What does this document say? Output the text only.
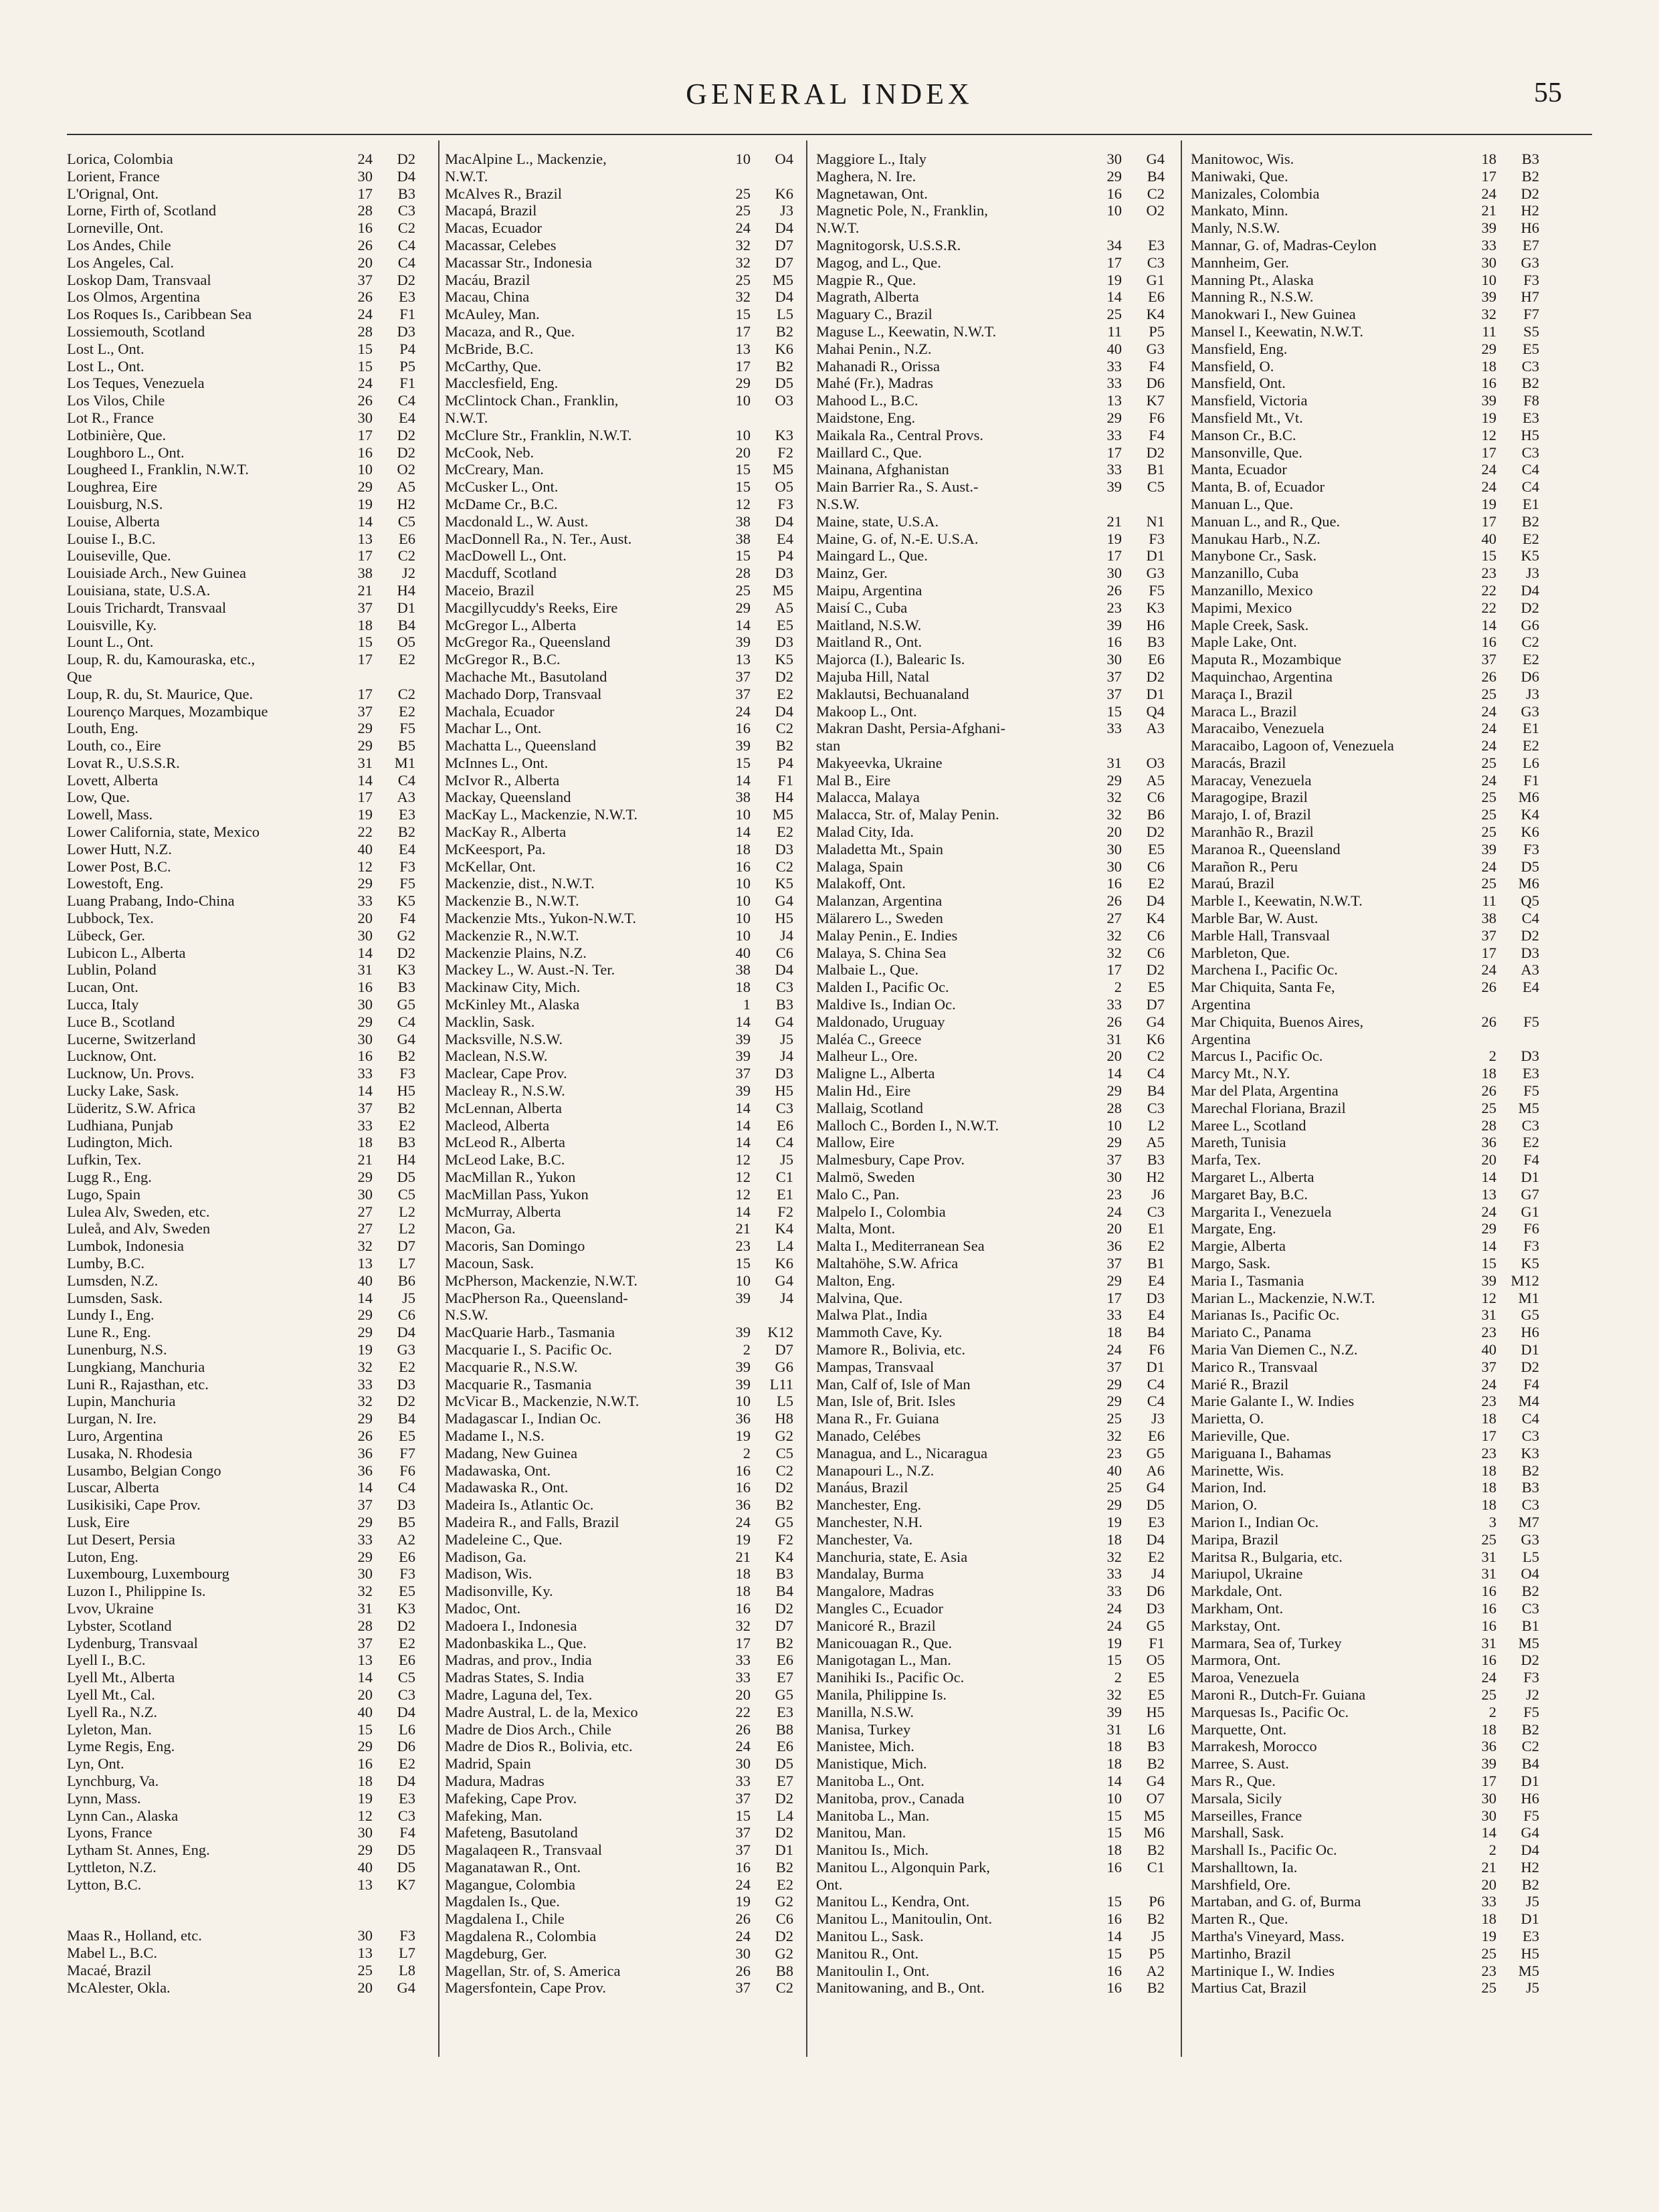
GENERAL INDEX	55
Lorica, Colombia	24	D2
Lorient, France	30	D4
L'Orignal, Ont.	17	B3
Lorne, Firth of, Scotland	28	C3
Lorneville, Ont.	16	C2
Los Andes, Chile	26	C4
Los Angeles, Cal.	20	C4
Loskop Dam, Transvaal	37	D2
Los Olmos, Argentina	26	E3
Los Roques Is., Caribbean Sea	24	F1
Lossiemouth, Scotland	28	D3
Lost L., Ont.	15	P4
Lost L., Ont.	15	P5
Los Teques, Venezuela	24	F1
Los Vilos, Chile	26	C4
Lot R., France	30	E4
Lotbinière, Que.	17	D2
Loughboro L., Ont.	16	D2
Lougheed I., Franklin, N.W.T.	10	O2
Loughrea, Eire	29	A5
Louisburg, N.S.	19	H2
Louise, Alberta	14	C5
Louise I., B.C.	13	E6
Louiseville, Que.	17	C2
Louisiade Arch., New Guinea	38	J2
Louisiana, state, U.S.A.	21	H4
Louis Trichardt, Transvaal	37	D1
Louisville, Ky.	18	B4
Lount L., Ont.	15	O5
Loup, R. du, Kamouraska, etc.,
Que
17	E2
Loup, R. du, St. Maurice, Que.	17	C2
Lourenço Marques, Mozambique	37	E2
Louth, Eng.	29	F5
Louth, co., Eire	29	B5
Lovat R., U.S.S.R.	31	M1
Lovett, Alberta	14	C4
Low, Que.	17	A3
Lowell, Mass.	19	E3
Lower California, state, Mexico	22	B2
Lower Hutt, N.Z.	40	E4
Lower Post, B.C.	12	F3
Lowestoft, Eng.	29	F5
Luang Prabang, Indo-China	33	K5
Lubbock, Tex.	20	F4
Lübeck, Ger.	30	G2
Lubicon L., Alberta	14	D2
Lublin, Poland	31	K3
Lucan, Ont.	16	B3
Lucca, Italy	30	G5
Luce B., Scotland	29	C4
Lucerne, Switzerland	30	G4
Lucknow, Ont.	16	B2
Lucknow, Un. Provs.	33	F3
Lucky Lake, Sask.	14	H5
Lüderitz, S.W. Africa	37	B2
Ludhiana, Punjab	33	E2
Ludington, Mich.	18	B3
Lufkin, Tex.	21	H4
Lugg R., Eng.	29	D5
Lugo, Spain	30	C5
Lulea Alv, Sweden, etc.	27	L2
Luleå, and Alv, Sweden	27	L2
Lumbok, Indonesia	32	D7
Lumby, B.C.	13	L7
Lumsden, N.Z.	40	B6
Lumsden, Sask.	14	J5
Lundy I., Eng.	29	C6
Lune R., Eng.	29	D4
Lunenburg, N.S.	19	G3
Lungkiang, Manchuria	32	E2
Luni R., Rajasthan, etc.	33	D3
Lupin, Manchuria	32	D2
Lurgan, N. Ire.	29	B4
Luro, Argentina	26	E5
Lusaka, N. Rhodesia	36	F7
Lusambo, Belgian Congo	36	F6
Luscar, Alberta	14	C4
Lusikisiki, Cape Prov.	37	D3
Lusk, Eire	29	B5
Lut Desert, Persia	33	A2
Luton, Eng.	29	E6
Luxembourg, Luxembourg	30	F3
Luzon I., Philippine Is.	32	E5
Lvov, Ukraine	31	K3
Lybster, Scotland	28	D2
Lydenburg, Transvaal	37	E2
Lyell I., B.C.	13	E6
Lyell Mt., Alberta	14	C5
Lyell Mt., Cal.	20	C3
Lyell Ra., N.Z.	40	D4
Lyleton, Man.	15	L6
Lyme Regis, Eng.	29	D6
Lyn, Ont.	16	E2
Lynchburg, Va.	18	D4
Lynn, Mass.	19	E3
Lynn Can., Alaska	12	C3
Lyons, France	30	F4
Lytham St. Annes, Eng.	29	D5
Lyttleton, N.Z.	40	D5
Lytton, B.C.	13	K7
Maas R., Holland, etc.	30	F3
Mabel L., B.C.	13	L7
Macaé, Brazil	25	L8
McAlester, Okla.	20	G4
MacAlpine L., Mackenzie,
N.W.T.
10	O4
McAlves R., Brazil	25	K6
Macapá, Brazil	25	J3
Macas, Ecuador	24	D4
Macassar, Celebes	32	D7
Macassar Str., Indonesia	32	D7
Macáu, Brazil	25	M5
Macau, China	32	D4
McAuley, Man.	15	L5
Macaza, and R., Que.	17	B2
McBride, B.C.	13	K6
McCarthy, Que.	17	B2
Macclesfield, Eng.	29	D5
McClintock Chan., Franklin,
N.W.T.
10	O3
McClure Str., Franklin, N.W.T.	10	K3
McCook, Neb.	20	F2
McCreary, Man.	15	M5
McCusker L., Ont.	15	O5
McDame Cr., B.C.	12	F3
Macdonald L., W. Aust.	38	D4
MacDonnell Ra., N. Ter., Aust.	38	E4
MacDowell L., Ont.	15	P4
Macduff, Scotland	28	D3
Maceio, Brazil	25	M5
Macgillycuddy's Reeks, Eire	29	A5
McGregor L., Alberta	14	E5
McGregor Ra., Queensland	39	D3
McGregor R., B.C.	13	K5
Machache Mt., Basutoland	37	D2
Machado Dorp, Transvaal	37	E2
Machala, Ecuador	24	D4
Machar L., Ont.	16	C2
Machatta L., Queensland	39	B2
McInnes L., Ont.	15	P4
McIvor R., Alberta	14	F1
Mackay, Queensland	38	H4
MacKay L., Mackenzie, N.W.T.	10	M5
MacKay R., Alberta	14	E2
McKeesport, Pa.	18	D3
McKellar, Ont.	16	C2
Mackenzie, dist., N.W.T.	10	K5
Mackenzie B., N.W.T.	10	G4
Mackenzie Mts., Yukon-N.W.T.	10	H5
Mackenzie R., N.W.T.	10	J4
Mackenzie Plains, N.Z.	40	C6
Mackey L., W. Aust.-N. Ter.	38	D4
Mackinaw City, Mich.	18	C3
McKinley Mt., Alaska	1	B3
Macklin, Sask.	14	G4
Macksville, N.S.W.	39	J5
Maclean, N.S.W.	39	J4
Maclear, Cape Prov.	37	D3
Macleay R., N.S.W.	39	H5
McLennan, Alberta	14	C3
Macleod, Alberta	14	E6
McLeod R., Alberta	14	C4
McLeod Lake, B.C.	12	J5
MacMillan R., Yukon	12	C1
MacMillan Pass, Yukon	12	E1
McMurray, Alberta	14	F2
Macon, Ga.	21	K4
Macoris, San Domingo	23	L4
Macoun, Sask.	15	K6
McPherson, Mackenzie, N.W.T.	10	G4
MacPherson Ra., Queensland-
N.S.W.
39	J4
MacQuarie Harb., Tasmania	39	K12
Macquarie I., S. Pacific Oc.	2	D7
Macquarie R., N.S.W.	39	G6
Macquarie R., Tasmania	39	L11
McVicar B., Mackenzie, N.W.T.	10	L5
Madagascar I., Indian Oc.	36	H8
Madame I., N.S.	19	G2
Madang, New Guinea	2	C5
Madawaska, Ont.	16	C2
Madawaska R., Ont.	16	D2
Madeira Is., Atlantic Oc.	36	B2
Madeira R., and Falls, Brazil	24	G5
Madeleine C., Que.	19	F2
Madison, Ga.	21	K4
Madison, Wis.	18	B3
Madisonville, Ky.	18	B4
Madoc, Ont.	16	D2
Madoera I., Indonesia	32	D7
Madonbaskika L., Que.	17	B2
Madras, and prov., India	33	E6
Madras States, S. India	33	E7
Madre, Laguna del, Tex.	20	G5
Madre Austral, L. de la, Mexico	22	E3
Madre de Dios Arch., Chile	26	B8
Madre de Dios R., Bolivia, etc.	24	E6
Madrid, Spain	30	D5
Madura, Madras	33	E7
Mafeking, Cape Prov.	37	D2
Mafeking, Man.	15	L4
Mafeteng, Basutoland	37	D2
Magalaqeen R., Transvaal	37	D1
Maganatawan R., Ont.	16	B2
Magangue, Colombia	24	E2
Magdalen Is., Que.	19	G2
Magdalena I., Chile	26	C6
Magdalena R., Colombia	24	D2
Magdeburg, Ger.	30	G2
Magellan, Str. of, S. America	26	B8
Magersfontein, Cape Prov.	37	C2
Maggiore L., Italy	30	G4
Maghera, N. Ire.	29	B4
Magnetawan, Ont.	16	C2
Magnetic Pole, N., Franklin,
N.W.T.
10	O2
Magnitogorsk, U.S.S.R.	34	E3
Magog, and L., Que.	17	C3
Magpie R., Que.	19	G1
Magrath, Alberta	14	E6
Maguary C., Brazil	25	K4
Maguse L., Keewatin, N.W.T.	11	P5
Mahai Penin., N.Z.	40	G3
Mahanadi R., Orissa	33	F4
Mahé (Fr.), Madras	33	D6
Mahood L., B.C.	13	K7
Maidstone, Eng.	29	F6
Maikala Ra., Central Provs.	33	F4
Maillard C., Que.	17	D2
Mainana, Afghanistan	33	B1
Main Barrier Ra., S. Aust.-
N.S.W.
39	C5
Maine, state, U.S.A.	21	N1
Maine, G. of, N.-E. U.S.A.	19	F3
Maingard L., Que.	17	D1
Mainz, Ger.	30	G3
Maipu, Argentina	26	F5
Maisí C., Cuba	23	K3
Maitland, N.S.W.	39	H6
Maitland R., Ont.	16	B3
Majorca (I.), Balearic Is.	30	E6
Majuba Hill, Natal	37	D2
Maklautsi, Bechuanaland	37	D1
Makoop L., Ont.	15	Q4
Makran Dasht, Persia-Afghani-
stan
33	A3
Makyeevka, Ukraine	31	O3
Mal B., Eire	29	A5
Malacca, Malaya	32	C6
Malacca, Str. of, Malay Penin.	32	B6
Malad City, Ida.	20	D2
Maladetta Mt., Spain	30	E5
Malaga, Spain	30	C6
Malakoff, Ont.	16	E2
Malanzan, Argentina	26	D4
Mälarero L., Sweden	27	K4
Malay Penin., E. Indies	32	C6
Malaya, S. China Sea	32	C6
Malbaie L., Que.	17	D2
Malden I., Pacific Oc.	2	E5
Maldive Is., Indian Oc.	33	D7
Maldonado, Uruguay	26	G4
Maléa C., Greece	31	K6
Malheur L., Ore.	20	C2
Maligne L., Alberta	14	C4
Malin Hd., Eire	29	B4
Mallaig, Scotland	28	C3
Malloch C., Borden I., N.W.T.	10	L2
Mallow, Eire	29	A5
Malmesbury, Cape Prov.	37	B3
Malmö, Sweden	30	H2
Malo C., Pan.	23	J6
Malpelo I., Colombia	24	C3
Malta, Mont.	20	E1
Malta I., Mediterranean Sea	36	E2
Maltahöhe, S.W. Africa	37	B1
Malton, Eng.	29	E4
Malvina, Que.	17	D3
Malwa Plat., India	33	E4
Mammoth Cave, Ky.	18	B4
Mamore R., Bolivia, etc.	24	F6
Mampas, Transvaal	37	D1
Man, Calf of, Isle of Man	29	C4
Man, Isle of, Brit. Isles	29	C4
Mana R., Fr. Guiana	25	J3
Manado, Celébes	32	E6
Managua, and L., Nicaragua	23	G5
Manapouri L., N.Z.	40	A6
Manáus, Brazil	25	G4
Manchester, Eng.	29	D5
Manchester, N.H.	19	E3
Manchester, Va.	18	D4
Manchuria, state, E. Asia	32	E2
Mandalay, Burma	33	J4
Mangalore, Madras	33	D6
Mangles C., Ecuador	24	D3
Manicoré R., Brazil	24	G5
Manicouagan R., Que.	19	F1
Manigotagan L., Man.	15	O5
Manihiki Is., Pacific Oc.	2	E5
Manila, Philippine Is.	32	E5
Manilla, N.S.W.	39	H5
Manisa, Turkey	31	L6
Manistee, Mich.	18	B3
Manistique, Mich.	18	B2
Manitoba L., Ont.	14	G4
Manitoba, prov., Canada	10	O7
Manitoba L., Man.	15	M5
Manitou, Man.	15	M6
Manitou Is., Mich.	18	B2
Manitou L., Algonquin Park,
Ont.
16	C1
Manitou L., Kendra, Ont.	15	P6
Manitou L., Manitoulin, Ont.	16	B2
Manitou L., Sask.	14	J5
Manitou R., Ont.	15	P5
Manitoulin I., Ont.	16	A2
Manitowaning, and B., Ont.	16	B2
Manitowoc, Wis.	18	B3
Maniwaki, Que.	17	B2
Manizales, Colombia	24	D2
Mankato, Minn.	21	H2
Manly, N.S.W.	39	H6
Mannar, G. of, Madras-Ceylon	33	E7
Mannheim, Ger.	30	G3
Manning Pt., Alaska	10	F3
Manning R., N.S.W.	39	H7
Manokwari I., New Guinea	32	F7
Mansel I., Keewatin, N.W.T.	11	S5
Mansfield, Eng.	29	E5
Mansfield, O.	18	C3
Mansfield, Ont.	16	B2
Mansfield, Victoria	39	F8
Mansfield Mt., Vt.	19	E3
Manson Cr., B.C.	12	H5
Mansonville, Que.	17	C3
Manta, Ecuador	24	C4
Manta, B. of, Ecuador	24	C4
Manuan L., Que.	19	E1
Manuan L., and R., Que.	17	B2
Manukau Harb., N.Z.	40	E2
Manybone Cr., Sask.	15	K5
Manzanillo, Cuba	23	J3
Manzanillo, Mexico	22	D4
Mapimi, Mexico	22	D2
Maple Creek, Sask.	14	G6
Maple Lake, Ont.	16	C2
Maputa R., Mozambique	37	E2
Maquinchao, Argentina	26	D6
Maraça I., Brazil	25	J3
Maraca L., Brazil	24	G3
Maracaibo, Venezuela	24	E1
Maracaibo, Lagoon of, Venezuela	24	E2
Maracás, Brazil	25	L6
Maracay, Venezuela	24	F1
Maragogipe, Brazil	25	M6
Marajo, I. of, Brazil	25	K4
Maranhão R., Brazil	25	K6
Maranoa R., Queensland	39	F3
Marañon R., Peru	24	D5
Maraú, Brazil	25	M6
Marble I., Keewatin, N.W.T.	11	Q5
Marble Bar, W. Aust.	38	C4
Marble Hall, Transvaal	37	D2
Marbleton, Que.	17	D3
Marchena I., Pacific Oc.	24	A3
Mar Chiquita, Santa Fe,
Argentina
26	E4
Mar Chiquita, Buenos Aires,
Argentina
26	F5
Marcus I., Pacific Oc.	2	D3
Marcy Mt., N.Y.	18	E3
Mar del Plata, Argentina	26	F5
Marechal Floriana, Brazil	25	M5
Maree L., Scotland	28	C3
Mareth, Tunisia	36	E2
Marfa, Tex.	20	F4
Margaret L., Alberta	14	D1
Margaret Bay, B.C.	13	G7
Margarita I., Venezuela	24	G1
Margate, Eng.	29	F6
Margie, Alberta	14	F3
Margo, Sask.	15	K5
Maria I., Tasmania	39 M12
Marian L., Mackenzie, N.W.T.	12	M1
Marianas Is., Pacific Oc.	31	G5
Mariato C., Panama	23	H6
Maria Van Diemen C., N.Z.	40	D1
Marico R., Transvaal	37	D2
Marié R., Brazil	24	F4
Marie Galante I., W. Indies	23	M4
Marietta, O.	18	C4
Marieville, Que.	17	C3
Mariguana I., Bahamas	23	K3
Marinette, Wis.	18	B2
Marion, Ind.	18	B3
Marion, O.	18	C3
Marion I., Indian Oc.	3	M7
Maripa, Brazil	25	G3
Maritsa R., Bulgaria, etc.	31	L5
Mariupol, Ukraine	31	O4
Markdale, Ont.	16	B2
Markham, Ont.	16	C3
Markstay, Ont.	16	B1
Marmara, Sea of, Turkey	31	M5
Marmora, Ont.	16	D2
Maroa, Venezuela	24	F3
Maroni R., Dutch-Fr. Guiana	25	J2
Marquesas Is., Pacific Oc.	2	F5
Marquette, Ont.	18	B2
Marrakesh, Morocco	36	C2
Marree, S. Aust.	39	B4
Mars R., Que.	17	D1
Marsala, Sicily	30	H6
Marseilles, France	30	F5
Marshall, Sask.	14	G4
Marshall Is., Pacific Oc.	2	D4
Marshalltown, Ia.	21	H2
Marshfield, Ore.	20	B2
Martaban, and G. of, Burma	33	J5
Marten R., Que.	18	D1
Martha's Vineyard, Mass.	19	E3
Martinho, Brazil	25	H5
Martinique I., W. Indies	23	M5
Martius Cat, Brazil	25	J5
